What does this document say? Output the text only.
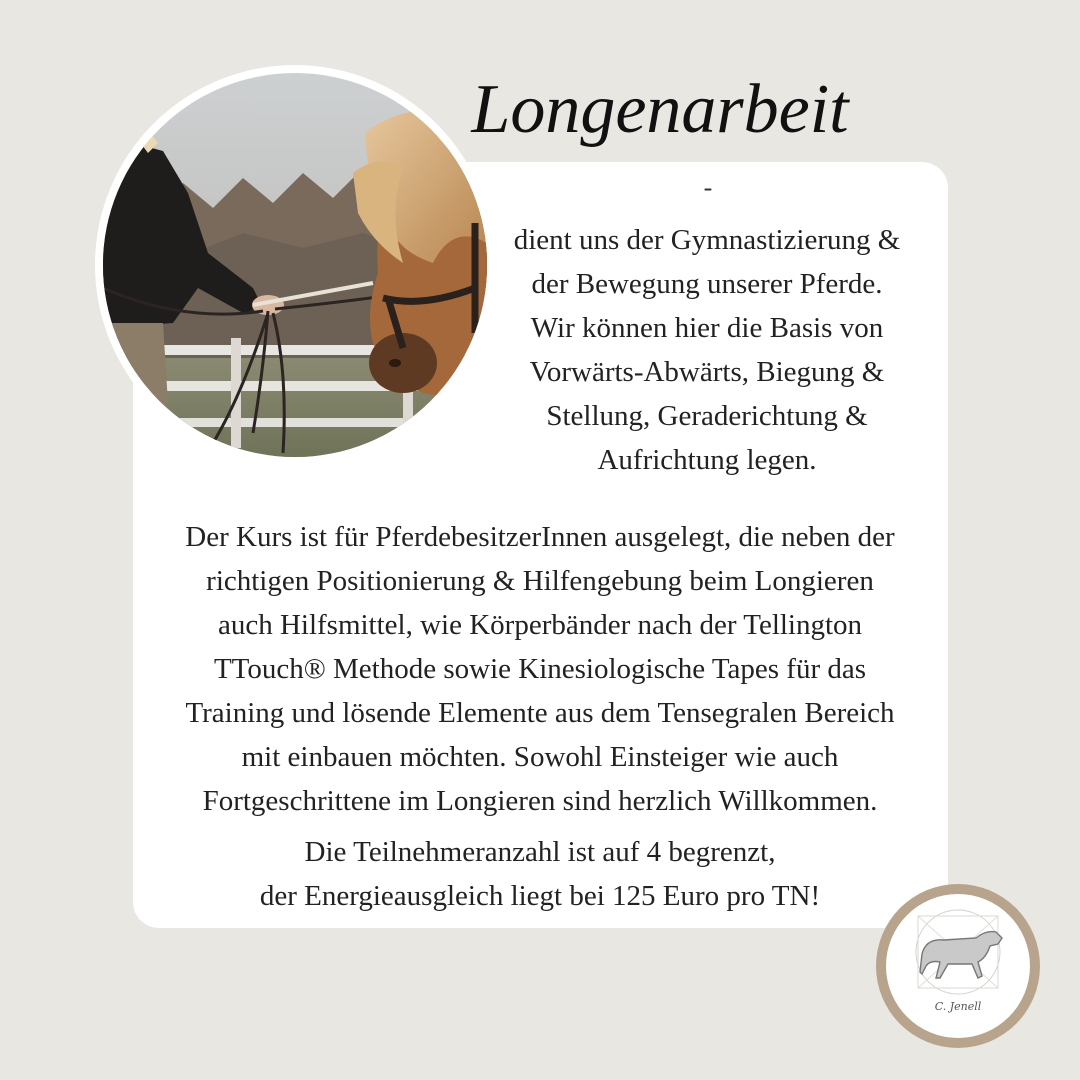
Longenarbeit
-
dient uns der Gymnastizierung &
der Bewegung unserer Pferde.
Wir können hier die Basis von
Vorwärts-Abwärts, Biegung &
Stellung, Geraderichtung &
Aufrichtung legen.
Der Kurs ist für PferdebesitzerInnen ausgelegt, die neben der
richtigen Positionierung & Hilfengebung beim Longieren
auch Hilfsmittel, wie Körperbänder nach der Tellington
TTouch® Methode sowie Kinesiologische Tapes für das
Training und lösende Elemente aus dem Tensegralen Bereich
mit einbauen möchten. Sowohl Einsteiger wie auch
Fortgeschrittene im Longieren sind herzlich Willkommen.
Die Teilnehmeranzahl ist auf 4 begrenzt,
der Energieausgleich liegt bei 125 Euro pro TN!
C. Jenell
